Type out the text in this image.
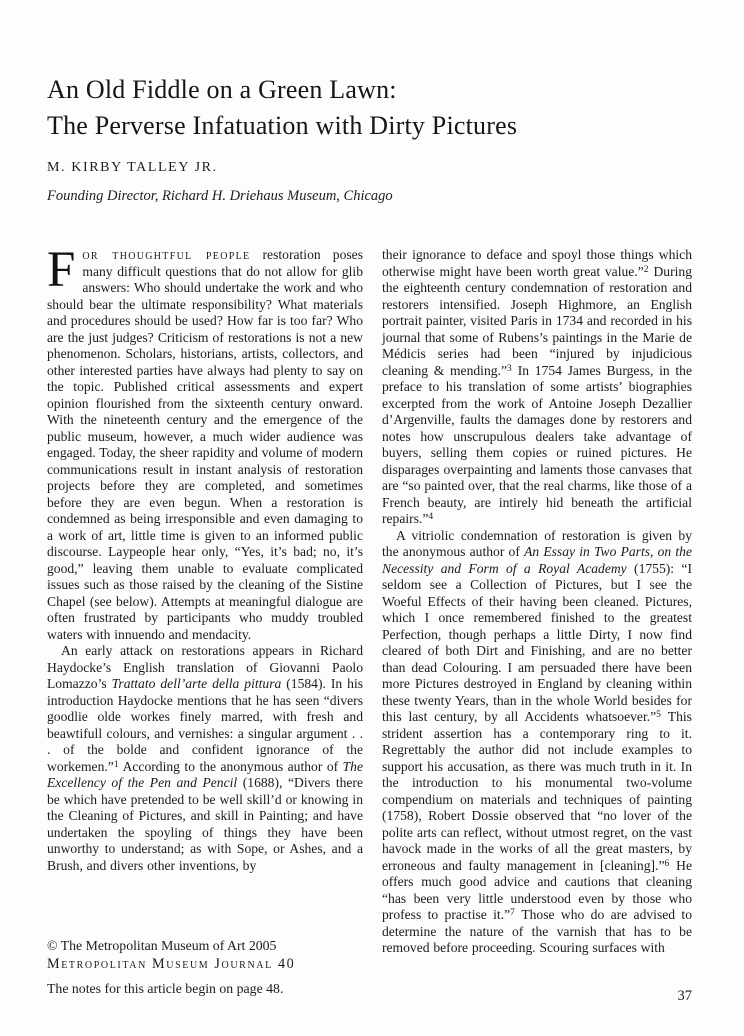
An Old Fiddle on a Green Lawn:
The Perverse Infatuation with Dirty Pictures
M. KIRBY TALLEY JR.
Founding Director, Richard H. Driehaus Museum, Chicago

For thoughtful people restoration poses many difficult questions that do not allow for glib answers: Who should undertake the work and who should bear the ultimate responsibility? What materials and procedures should be used? How far is too far? Who are the just judges? Criticism of restorations is not a new phenomenon. Scholars, historians, artists, collectors, and other interested parties have always had plenty to say on the topic. Published critical assessments and expert opinion flourished from the sixteenth century onward. With the nineteenth century and the emergence of the public museum, however, a much wider audience was engaged. Today, the sheer rapidity and volume of modern communications result in instant analysis of restoration projects before they are completed, and sometimes before they are even begun. When a restoration is condemned as being irresponsible and even damaging to a work of art, little time is given to an informed public discourse. Laypeople hear only, “Yes, it’s bad; no, it’s good,” leaving them unable to evaluate complicated issues such as those raised by the cleaning of the Sistine Chapel (see below). Attempts at meaningful dialogue are often frustrated by participants who muddy troubled waters with innuendo and mendacity.

An early attack on restorations appears in Richard Haydocke’s English translation of Giovanni Paolo Lomazzo’s Trattato dell’arte della pittura (1584). In his introduction Haydocke mentions that he has seen “divers goodlie olde workes finely marred, with fresh and beawtifull colours, and vernishes: a singular argument . . . of the bolde and confident ignorance of the workemen.”$^1$ According to the anonymous author of The Excellency of the Pen and Pencil (1688), “Divers there be which have pretended to be well skill’d or knowing in the Cleaning of Pictures, and skill in Painting; and have undertaken the spoyling of things they have been unworthy to understand; as with Sope, or Ashes, and a Brush, and divers other inventions, by

their ignorance to deface and spoyl those things which otherwise might have been worth great value.”$^2$ During the eighteenth century condemnation of restoration and restorers intensified. Joseph Highmore, an English portrait painter, visited Paris in 1734 and recorded in his journal that some of Rubens’s paintings in the Marie de Médicis series had been “injured by injudicious cleaning & mending.”$^3$ In 1754 James Burgess, in the preface to his translation of some artists’ biographies excerpted from the work of Antoine Joseph Dezallier d’Argenville, faults the damages done by restorers and notes how unscrupulous dealers take advantage of buyers, selling them copies or ruined pictures. He disparages overpainting and laments those canvases that are “so painted over, that the real charms, like those of a French beauty, are intirely hid beneath the artificial repairs.”$^4$

A vitriolic condemnation of restoration is given by the anonymous author of An Essay in Two Parts, on the Necessity and Form of a Royal Academy (1755): “I seldom see a Collection of Pictures, but I see the Woeful Effects of their having been cleaned. Pictures, which I once remembered finished to the greatest Perfection, though perhaps a little Dirty, I now find cleared of both Dirt and Finishing, and are no better than dead Colouring. I am persuaded there have been more Pictures destroyed in England by cleaning within these twenty Years, than in the whole World besides for this last century, by all Accidents whatsoever.”$^5$ This strident assertion has a contemporary ring to it. Regrettably the author did not include examples to support his accusation, as there was much truth in it. In the introduction to his monumental two-volume compendium on materials and techniques of painting (1758), Robert Dossie observed that “no lover of the polite arts can reflect, without utmost regret, on the vast havock made in the works of all the great masters, by erroneous and faulty management in [cleaning].”$^6$ He offers much good advice and cautions that cleaning “has been very little understood even by those who profess to practise it.”$^7$ Those who do are advised to determine the nature of the varnish that has to be removed before proceeding. Scouring surfaces with

© The Metropolitan Museum of Art 2005
Metropolitan Museum Journal 40
The notes for this article begin on page 48.	37
